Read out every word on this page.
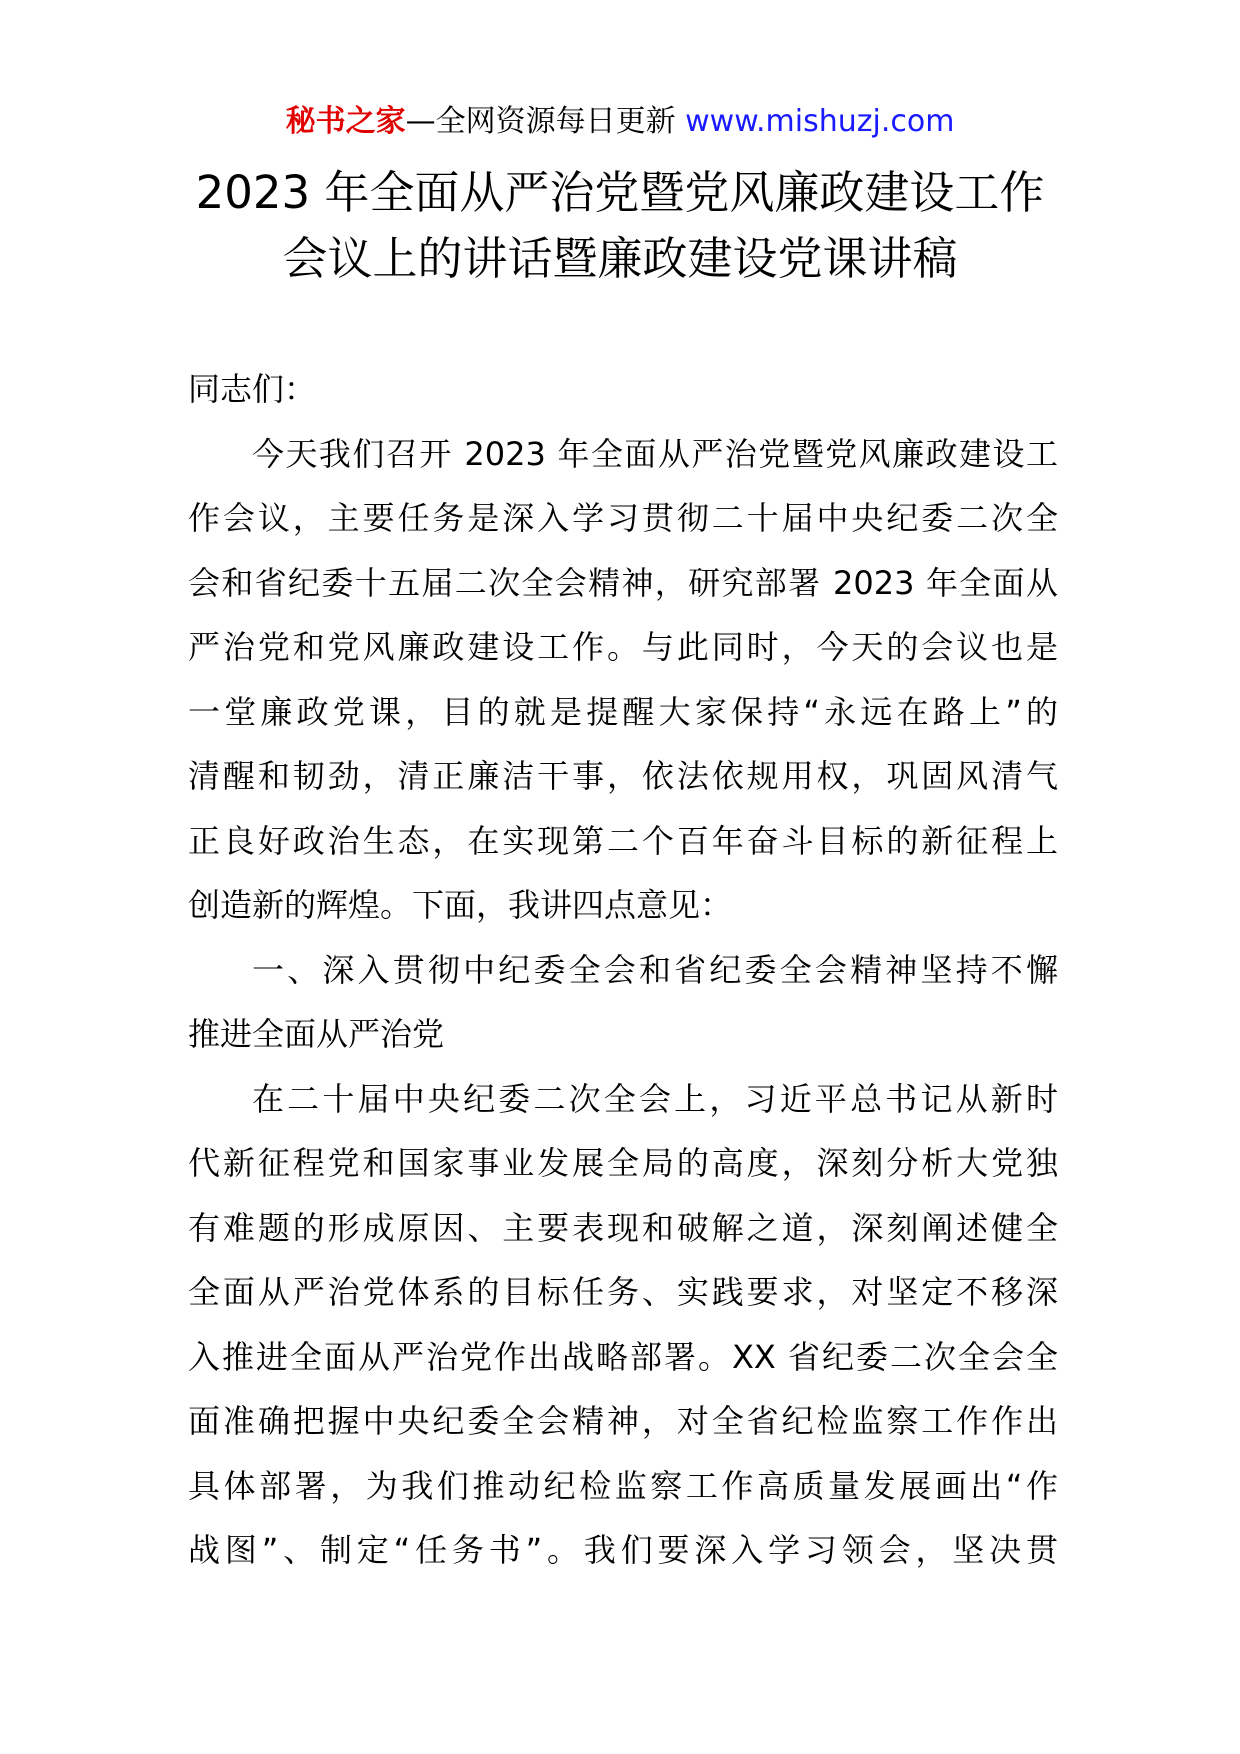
秘书之家—全网资源每日更新 www.mishuzj.com
2023 年全面从严治党暨党风廉政建设工作
会议上的讲话暨廉政建设党课讲稿

同志们：

今天我们召开 2023 年全面从严治党暨党风廉政建设工
作会议，主要任务是深入学习贯彻二十届中央纪委二次全
会和省纪委十五届二次全会精神，研究部署 2023 年全面从
严治党和党风廉政建设工作。与此同时，今天的会议也是
一堂廉政党课，目的就是提醒大家保持“永远在路上”的
清醒和韧劲，清正廉洁干事，依法依规用权，巩固风清气
正良好政治生态，在实现第二个百年奋斗目标的新征程上
创造新的辉煌。下面，我讲四点意见：

一、深入贯彻中纪委全会和省纪委全会精神坚持不懈
推进全面从严治党

在二十届中央纪委二次全会上，习近平总书记从新时
代新征程党和国家事业发展全局的高度，深刻分析大党独
有难题的形成原因、主要表现和破解之道，深刻阐述健全
全面从严治党体系的目标任务、实践要求，对坚定不移深
入推进全面从严治党作出战略部署。XX 省纪委二次全会全
面准确把握中央纪委全会精神，对全省纪检监察工作作出
具体部署，为我们推动纪检监察工作高质量发展画出“作
战图”、制定“任务书”。我们要深入学习领会，坚决贯
